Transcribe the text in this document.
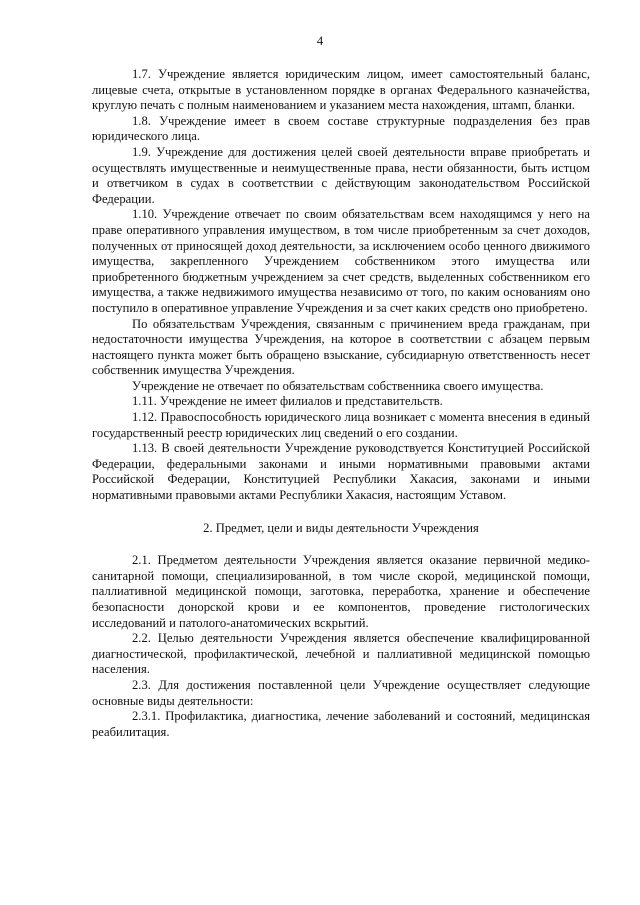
4

1.7. Учреждение является юридическим лицом, имеет самостоятельный баланс, лицевые счета, открытые в установленном порядке в органах Федерального казначейства, круглую печать с полным наименованием и указанием места нахождения, штамп, бланки.

1.8. Учреждение имеет в своем составе структурные подразделения без прав юридического лица.

1.9. Учреждение для достижения целей своей деятельности вправе приобретать и осуществлять имущественные и неимущественные права, нести обязанности, быть истцом и ответчиком в судах в соответствии с действующим законодательством Российской Федерации.

1.10. Учреждение отвечает по своим обязательствам всем находящимся у него на праве оперативного управления имуществом, в том числе приобретенным за счет доходов, полученных от приносящей доход деятельности, за исключением особо ценного движимого имущества, закрепленного Учреждением собственником этого имущества или приобретенного бюджетным учреждением за счет средств, выделенных собственником его имущества, а также недвижимого имущества независимо от того, по каким основаниям оно поступило в оперативное управление Учреждения и за счет каких средств оно приобретено.

По обязательствам Учреждения, связанным с причинением вреда гражданам, при недостаточности имущества Учреждения, на которое в соответствии с абзацем первым настоящего пункта может быть обращено взыскание, субсидиарную ответственность несет собственник имущества Учреждения.

Учреждение не отвечает по обязательствам собственника своего имущества.

1.11. Учреждение не имеет филиалов и представительств.

1.12. Правоспособность юридического лица возникает с момента внесения в единый государственный реестр юридических лиц сведений о его создании.

1.13. В своей деятельности Учреждение руководствуется Конституцией Российской Федерации, федеральными законами и иными нормативными правовыми актами Российской Федерации, Конституцией Республики Хакасия, законами и иными нормативными правовыми актами Республики Хакасия, настоящим Уставом.

2. Предмет, цели и виды деятельности Учреждения

2.1. Предметом деятельности Учреждения является оказание первичной медико-санитарной помощи, специализированной, в том числе скорой, медицинской помощи, паллиативной медицинской помощи, заготовка, переработка, хранение и обеспечение безопасности донорской крови и ее компонентов, проведение гистологических исследований и патолого-анатомических вскрытий.

2.2. Целью деятельности Учреждения является обеспечение квалифицированной диагностической, профилактической, лечебной и паллиативной медицинской помощью населения.

2.3. Для достижения поставленной цели Учреждение осуществляет следующие основные виды деятельности:

2.3.1. Профилактика, диагностика, лечение заболеваний и состояний, медицинская реабилитация.
